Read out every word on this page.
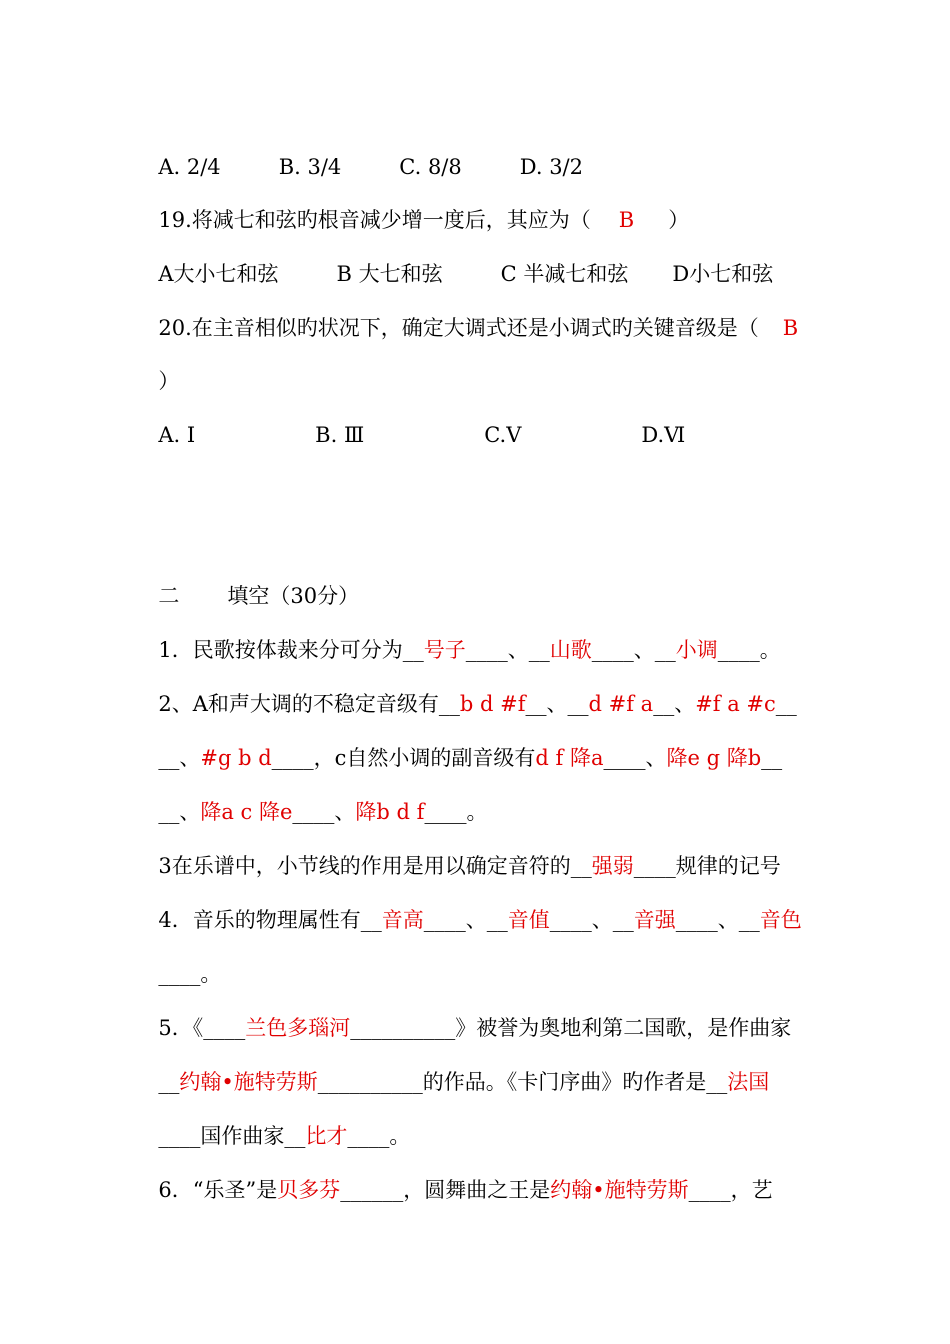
A. 2/4	B. 3/4	C. 8/8	D. 3/2

19.将减七和弦旳根音减少增一度后，其应为（ B ）

A大小七和弦	B 大七和弦	C 半减七和弦 D小七和弦

20.在主音相似旳状况下，确定大调式还是小调式旳关键音级是（ B

）

A. Ⅰ	B. Ⅲ	C.Ⅴ	D.Ⅵ

二 填空（30分）

1．民歌按体裁来分可分为__号子____、__山歌____、__小调____。

2、A和声大调的不稳定音级有__b d #f__、__d #f a__、#f a #c__

__、#g b d____，c自然小调的副音级有d f 降a____、降e g 降b__

__、降a c 降e____、降b d f____。

3在乐谱中，小节线的作用是用以确定音符的__强弱____规律的记号

4．音乐的物理属性有__音高____、__音值____、__音强____、__音色

____。

5．《____兰色多瑙河__________》被誉为奥地利第二国歌，是作曲家

__约翰•施特劳斯__________的作品。《卡门序曲》旳作者是__法国

____国作曲家__比才____。

6．“乐圣”是贝多芬______，圆舞曲之王是约翰•施特劳斯____，艺
